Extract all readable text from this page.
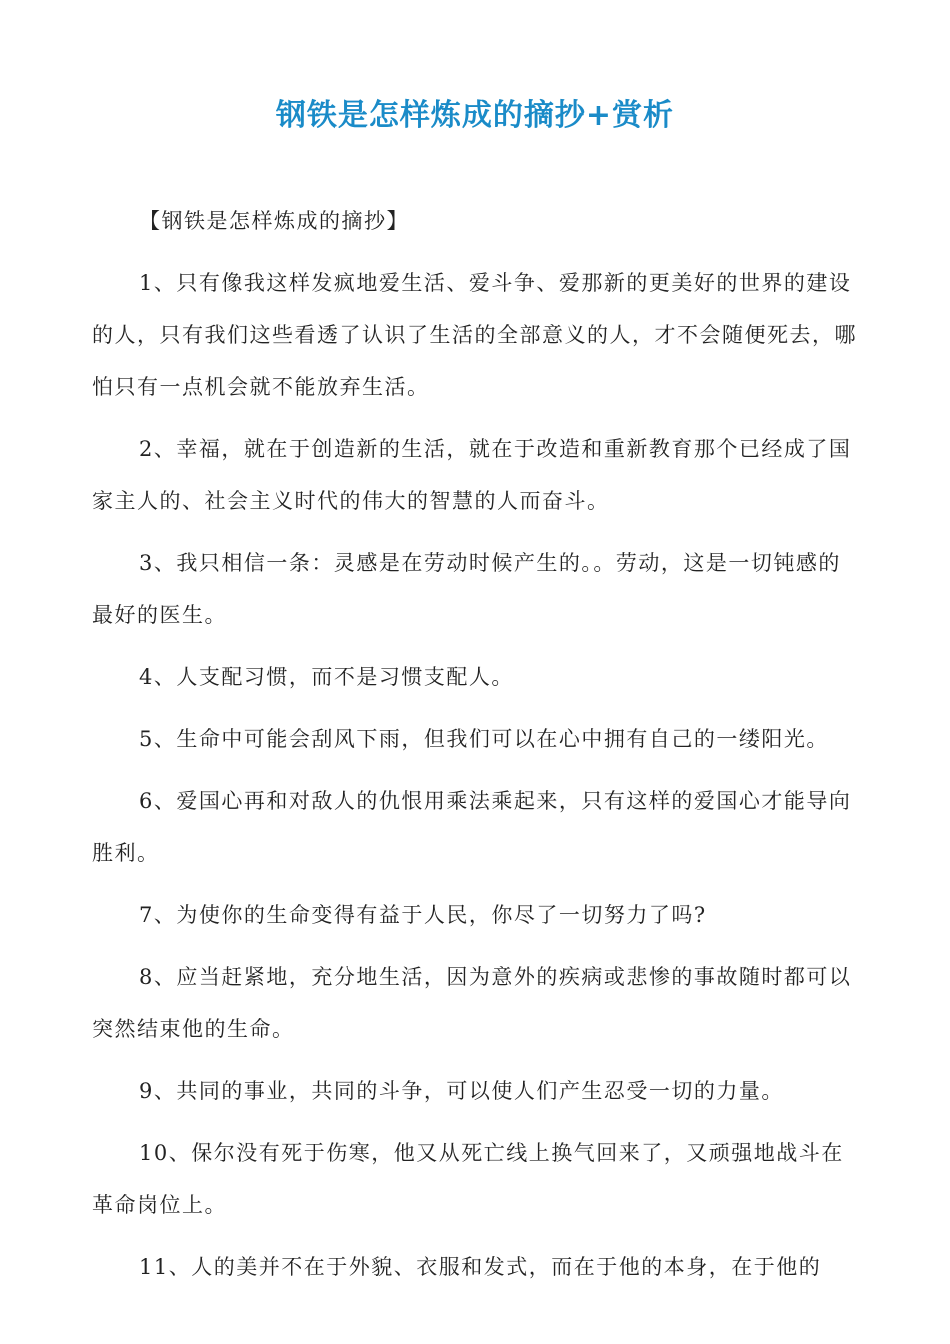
钢铁是怎样炼成的摘抄+赏析

【钢铁是怎样炼成的摘抄】

1、只有像我这样发疯地爱生活、爱斗争、爱那新的更美好的世界的建设的人，只有我们这些看透了认识了生活的全部意义的人，才不会随便死去，哪怕只有一点机会就不能放弃生活。

2、幸福，就在于创造新的生活，就在于改造和重新教育那个已经成了国家主人的、社会主义时代的伟大的智慧的人而奋斗。

3、我只相信一条：灵感是在劳动时候产生的。。劳动，这是一切钝感的最好的医生。

4、人支配习惯，而不是习惯支配人。

5、生命中可能会刮风下雨，但我们可以在心中拥有自己的一缕阳光。

6、爱国心再和对敌人的仇恨用乘法乘起来，只有这样的爱国心才能导向胜利。

7、为使你的生命变得有益于人民，你尽了一切努力了吗?

8、应当赶紧地，充分地生活，因为意外的疾病或悲惨的事故随时都可以突然结束他的生命。

9、共同的事业，共同的斗争，可以使人们产生忍受一切的力量。

10、保尔没有死于伤寒，他又从死亡线上换气回来了，又顽强地战斗在革命岗位上。

11、人的美并不在于外貌、衣服和发式，而在于他的本身，在于他的
